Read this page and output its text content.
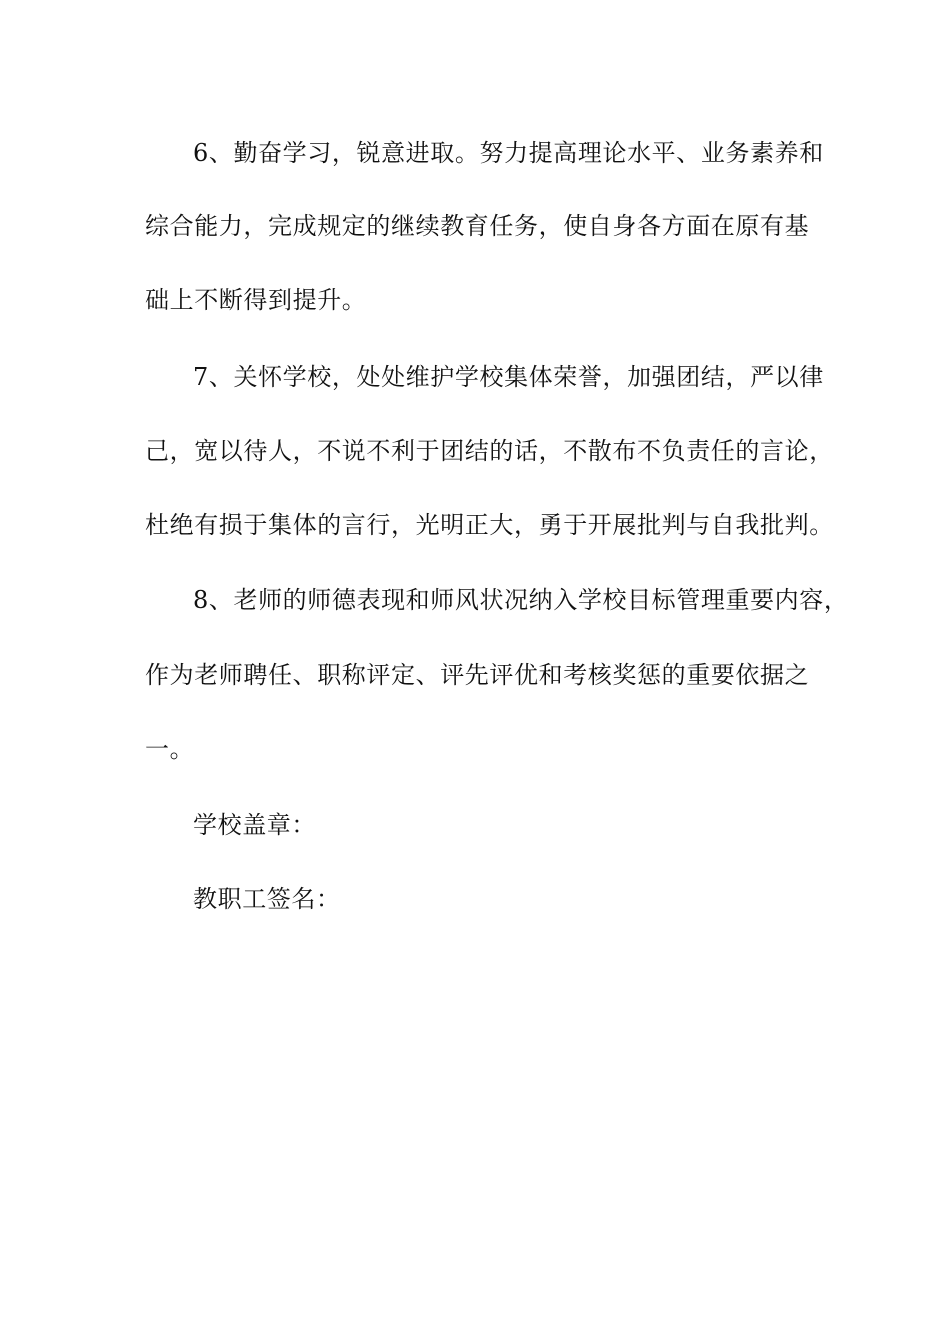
6、勤奋学习，锐意进取。努力提高理论水平、业务素养和
综合能力，完成规定的继续教育任务，使自身各方面在原有基
础上不断得到提升。
7、关怀学校，处处维护学校集体荣誉，加强团结，严以律
己，宽以待人，不说不利于团结的话，不散布不负责任的言论，
杜绝有损于集体的言行，光明正大，勇于开展批判与自我批判。
8、老师的师德表现和师风状况纳入学校目标管理重要内容，
作为老师聘任、职称评定、评先评优和考核奖惩的重要依据之
一。
学校盖章：
教职工签名：
